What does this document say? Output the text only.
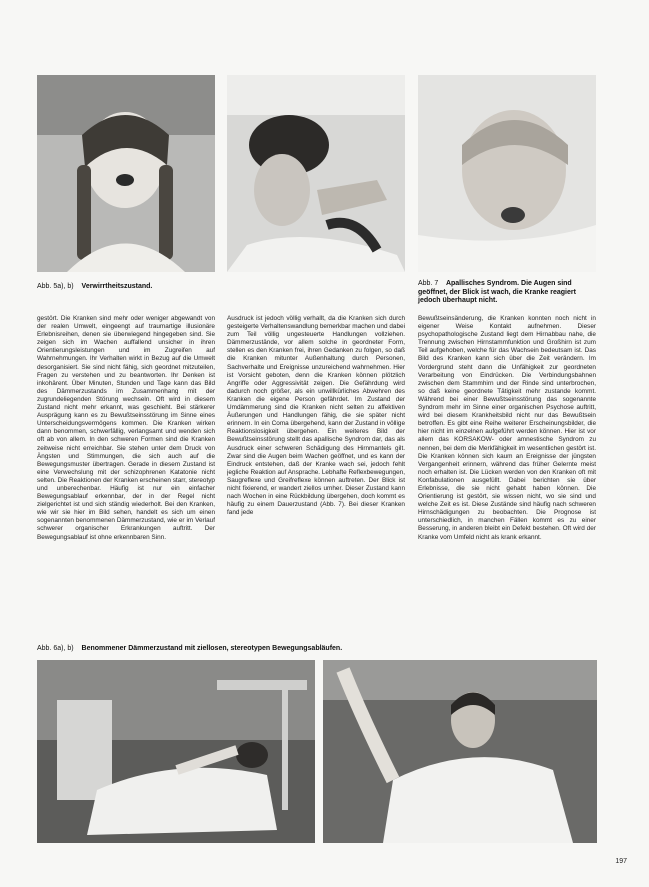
Abb. 5a), b) Verwirrtheitszustand.	Abb. 7 Apallisches Syndrom. Die Augen sind geöffnet, der Blick ist wach, die Kranke reagiert jedoch überhaupt nicht.

gestört. Die Kranken sind mehr oder weniger abgewandt von der realen Umwelt, eingeengt auf traumartige illusionäre Erlebnisreihen, denen sie überwiegend hingegeben sind. Sie zeigen sich im Wachen auffallend unsicher in ihren Orientierungsleistungen und im Zugreifen auf Wahrnehmungen. Ihr Verhalten wirkt in Bezug auf die Umwelt desorganisiert. Sie sind nicht fähig, sich geordnet mitzuteilen, Fragen zu verstehen und zu beantworten. Ihr Denken ist inkohärent. Über Minuten, Stunden und Tage kann das Bild des Dämmerzustands im Zusammenhang mit der zugrundeliegenden Störung wechseln. Oft wird in diesem Zustand nicht mehr erkannt, was geschieht. Bei stärkerer Ausprägung kann es zu Bewußtseinsstörung im Sinne eines Unterscheidungsvermögens kommen. Die Kranken wirken dann benommen, schwerfällig, verlangsamt und wenden sich oft ab von allem. In den schweren Formen sind die Kranken zeitweise nicht erreichbar. Sie stehen unter dem Druck von Ängsten und Stimmungen, die sich auch auf die Bewegungsmuster übertragen. Gerade in diesem Zustand ist eine Verwechslung mit der schizophrenen Katatonie nicht selten. Die Reaktionen der Kranken erscheinen starr, stereotyp und unberechenbar. Häufig ist nur ein einfacher Bewegungsablauf erkennbar, der in der Regel nicht zielgerichtet ist und sich ständig wiederholt. Bei den Kranken, wie wir sie hier im Bild sehen, handelt es sich um einen sogenannten benommenen Dämmerzustand, wie er im Verlauf schwerer organischer Erkrankungen auftritt. Der Bewegungsablauf ist ohne erkennbaren Sinn.

Ausdruck ist jedoch völlig verhallt, da die Kranken sich durch gesteigerte Verhaltenswandlung bemerkbar machen und dabei zum Teil völlig ungesteuerte Handlungen vollziehen. Dämmerzustände, vor allem solche in geordneter Form, stellen es den Kranken frei, ihren Gedanken zu folgen, so daß die Kranken mitunter Außenhaltung durch Personen, Sachverhalte und Ereignisse unzureichend wahrnehmen. Hier ist Vorsicht geboten, denn die Kranken können plötzlich Angriffe oder Aggressivität zeigen. Die Gefährdung wird dadurch noch größer, als ein unwillkürliches Abwehren des Kranken die eigene Person gefährdet. Im Zustand der Umdämmerung sind die Kranken nicht selten zu affektiven Äußerungen und Handlungen fähig, die sie später nicht erinnern. In ein Coma übergehend, kann der Zustand in völlige Reaktionslosigkeit übergehen. Ein weiteres Bild der Bewußtseinsstörung stellt das apallische Syndrom dar, das als Ausdruck einer schweren Schädigung des Hirnmantels gilt. Zwar sind die Augen beim Wachen geöffnet, und es kann der Eindruck entstehen, daß der Kranke wach sei, jedoch fehlt jegliche Reaktion auf Ansprache. Lebhafte Reflexbewegungen, Saugreflexe und Greifreflexe können auftreten. Der Blick ist nicht fixierend, er wandert ziellos umher. Dieser Zustand kann nach Wochen in eine Rückbildung übergehen, doch kommt es häufig zu einem Dauerzustand (Abb. 7). Bei dieser Kranken fand jede

Bewußtseinsänderung, die Kranken konnten noch nicht in eigener Weise Kontakt aufnehmen. Dieser psychopathologische Zustand liegt dem Hirnabbau nahe, die Trennung zwischen Hirnstammfunktion und Großhirn ist zum Teil aufgehoben, welche für das Wachsein bedeutsam ist. Das Bild des Kranken kann sich über die Zeit verändern. Im Vordergrund steht dann die Unfähigkeit zur geordneten Verarbeitung von Eindrücken. Die Verbindungsbahnen zwischen dem Stammhirn und der Rinde sind unterbrochen, so daß keine geordnete Tätigkeit mehr zustande kommt. Während bei einer Bewußtseinsstörung das sogenannte Syndrom mehr im Sinne einer organischen Psychose auftritt, wird bei diesem Krankheitsbild nicht nur das Bewußtsein betroffen. Es gibt eine Reihe weiterer Erscheinungsbilder, die hier nicht im einzelnen aufgeführt werden können. Hier ist vor allem das KORSAKOW- oder amnestische Syndrom zu nennen, bei dem die Merkfähigkeit im wesentlichen gestört ist. Die Kranken können sich kaum an Ereignisse der jüngsten Vergangenheit erinnern, während das früher Gelernte meist noch erhalten ist. Die Lücken werden von den Kranken oft mit Konfabulationen ausgefüllt. Dabei berichten sie über Erlebnisse, die sie nicht gehabt haben können. Die Orientierung ist gestört, sie wissen nicht, wo sie sind und welche Zeit es ist. Diese Zustände sind häufig nach schweren Hirnschädigungen zu beobachten. Die Prognose ist unterschiedlich, in manchen Fällen kommt es zu einer Besserung, in anderen bleibt ein Defekt bestehen. Oft wird der Kranke vom Umfeld nicht als krank erkannt.

Abb. 6a), b) Benommener Dämmerzustand mit ziellosen, stereotypen Bewegungsabläufen.
197
